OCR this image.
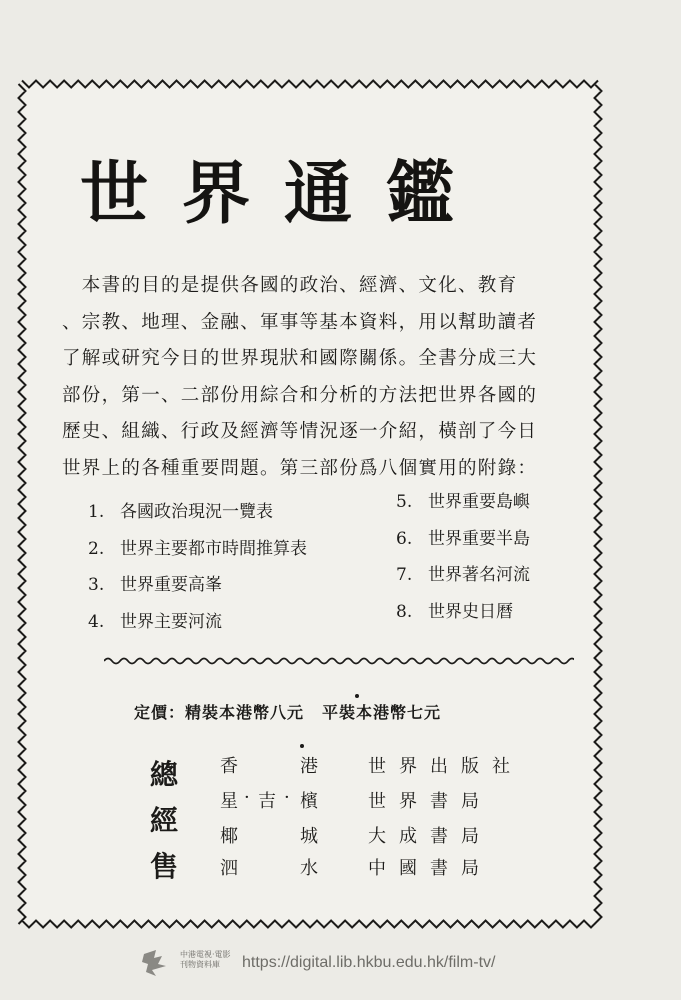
世界通鑑
　本書的目的是提供各國的政治、經濟、文化、教育
、宗教、地理、金融、軍事等基本資料，用以幫助讀者
了解或研究今日的世界現狀和國際關係。全書分成三大
部份，第一、二部份用綜合和分析的方法把世界各國的
歷史、組織、行政及經濟等情況逐一介紹，橫剖了今日
世界上的各種重要問題。第三部份爲八個實用的附錄：
1. 各國政治現況一覽表
2. 世界主要都市時間推算表
3. 世界重要高峯
4. 世界主要河流
5. 世界重要島嶼
6. 世界重要半島
7. 世界著名河流
8. 世界史日曆
定價：精裝本港幣八元 平裝本港幣七元
總
經
售
香	港	世界出版社
星 · 吉 · 檳	世界書局
椰	城	大成書局
泗	水	中國書局
中港電視·電影
刊物資料庫	https://digital.lib.hkbu.edu.hk/film-tv/
